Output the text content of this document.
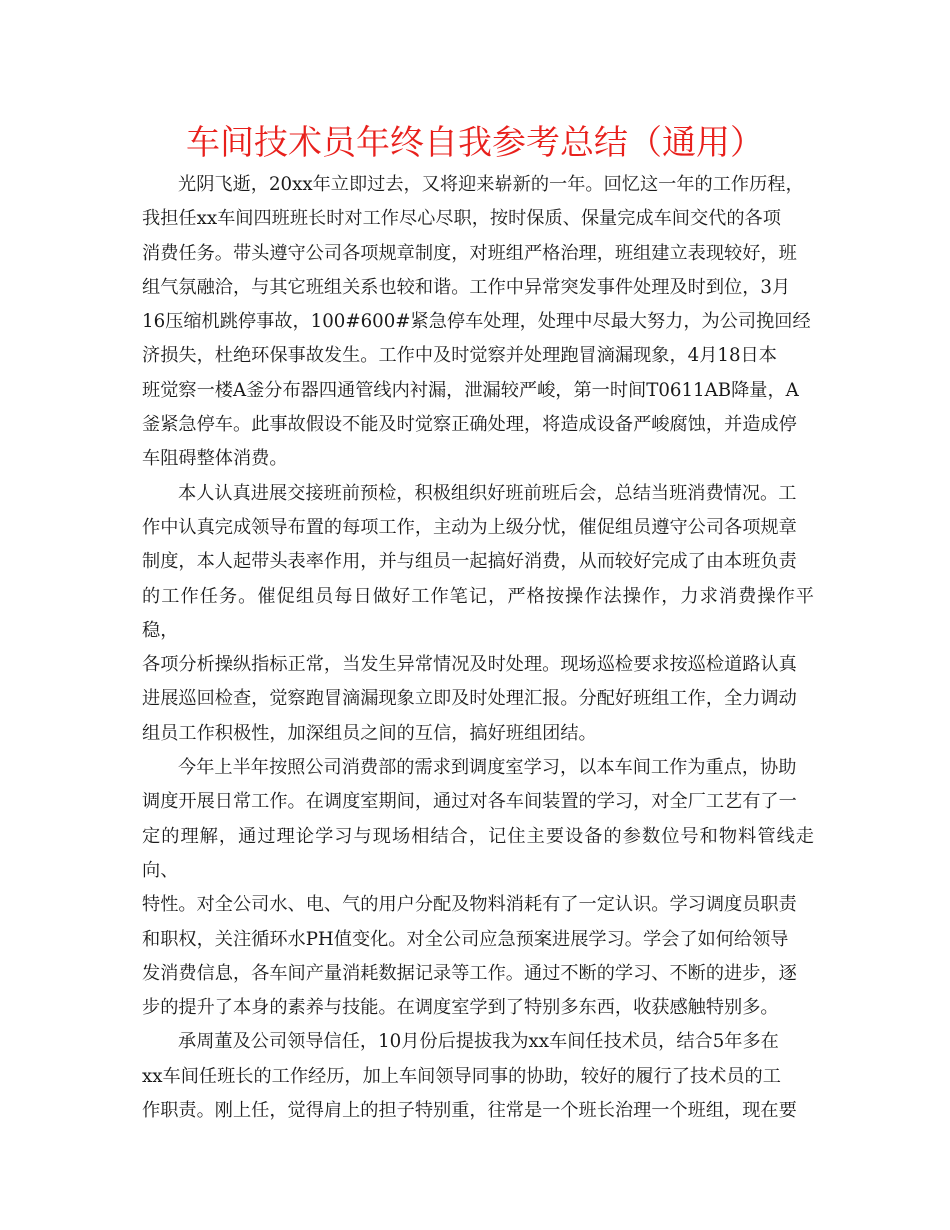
车间技术员年终自我参考总结（通用）

光阴飞逝，20xx年立即过去，又将迎来崭新的一年。回忆这一年的工作历程，
我担任xx车间四班班长时对工作尽心尽职，按时保质、保量完成车间交代的各项
消费任务。带头遵守公司各项规章制度，对班组严格治理，班组建立表现较好，班
组气氛融洽，与其它班组关系也较和谐。工作中异常突发事件处理及时到位，3月
16压缩机跳停事故，100#600#紧急停车处理，处理中尽最大努力，为公司挽回经
济损失，杜绝环保事故发生。工作中及时觉察并处理跑冒滴漏现象，4月18日本
班觉察一楼A釜分布器四通管线内衬漏，泄漏较严峻，第一时间T0611AB降量，A
釜紧急停车。此事故假设不能及时觉察正确处理，将造成设备严峻腐蚀，并造成停
车阻碍整体消费。

本人认真进展交接班前预检，积极组织好班前班后会，总结当班消费情况。工
作中认真完成领导布置的每项工作，主动为上级分忧，催促组员遵守公司各项规章
制度，本人起带头表率作用，并与组员一起搞好消费，从而较好完成了由本班负责
的工作任务。催促组员每日做好工作笔记，严格按操作法操作，力求消费操作平稳，
各项分析操纵指标正常，当发生异常情况及时处理。现场巡检要求按巡检道路认真
进展巡回检查，觉察跑冒滴漏现象立即及时处理汇报。分配好班组工作，全力调动
组员工作积极性，加深组员之间的互信，搞好班组团结。

今年上半年按照公司消费部的需求到调度室学习，以本车间工作为重点，协助
调度开展日常工作。在调度室期间，通过对各车间装置的学习，对全厂工艺有了一
定的理解，通过理论学习与现场相结合，记住主要设备的参数位号和物料管线走向、
特性。对全公司水、电、气的用户分配及物料消耗有了一定认识。学习调度员职责
和职权，关注循环水PH值变化。对全公司应急预案进展学习。学会了如何给领导
发消费信息，各车间产量消耗数据记录等工作。通过不断的学习、不断的进步，逐
步的提升了本身的素养与技能。在调度室学到了特别多东西，收获感触特别多。

承周董及公司领导信任，10月份后提拔我为xx车间任技术员，结合5年多在
xx车间任班长的工作经历，加上车间领导同事的协助，较好的履行了技术员的工
作职责。刚上任，觉得肩上的担子特别重，往常是一个班长治理一个班组，现在要
